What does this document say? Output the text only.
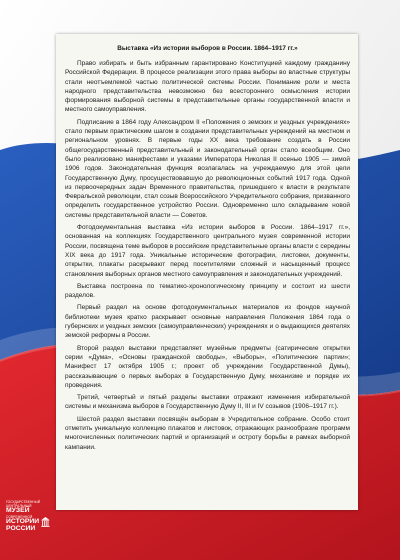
Выставка «Из истории выборов в России. 1864–1917 гг.»

Право избирать и быть избранным гарантировано Конституцией каждому гражданину Российской Федерации. В процессе реализации этого права выборы во властные структуры стали неотъемлемой частью политической системы России. Понимание роли и места народного представительства невозможно без всестороннего осмысления истории формирования выборной системы в представительные органы государственной власти и местного самоуправления.

Подписание в 1864 году Александром II «Положения о земских и уездных учреждениях» стало первым практическим шагом в создании представительных учреждений на местном и региональном уровнях. В первые годы XX века требование создать в России общегосударственный представительный и законодательный орган стало всеобщим. Оно было реализовано манифестами и указами Императора Николая II осенью 1905 — зимой 1906 годов. Законодательная функция возлагалась на учреждаемую для этой цели Государственную Думу, просуществовавшую до революционных событий 1917 года. Одной из первоочередных задач Временного правительства, пришедшего к власти в результате Февральской революции, стал созыв Всероссийского Учредительного собрания, призванного определить государственное устройство России. Одновременно шло складывание новой системы представительной власти — Советов.

Фотодокументальная выставка «Из истории выборов в России. 1864–1917 гг.», основанная на коллекциях Государственного центрального музея современной истории России, посвящена теме выборов в российские представительные органы власти с середины XIX века до 1917 года. Уникальные исторические фотографии, листовки, документы, открытки, плакаты раскрывают перед посетителями сложный и насыщенный процесс становления выборных органов местного самоуправления и законодательных учреждений.

Выставка построена по тематико-хронологическому принципу и состоит из шести разделов.

Первый раздел на основе фотодокументальных материалов из фондов научной библиотеки музея кратко раскрывает основные направления Положения 1864 года о губернских и уездных земских (самоуправленческих) учреждениях и о выдающихся деятелях земской реформы в России.

Второй раздел выставки представляет музейные предметы (сатирические открытки серии «Дума», «Основы гражданской свободы», «Выборы», «Политические партии»; Манифест 17 октября 1905 г.; проект об учреждении Государственной Думы), рассказывающие о первых выборах в Государственную Думу, механизме и порядке их проведения.

Третий, четвертый и пятый разделы выставки отражают изменения избирательной системы и механизма выборов в Государственную Думу II, III и IV созывов (1906–1917 гг.).

Шестой раздел выставки посвящён выборам в Учредительное собрание. Особо стоит отметить уникальную коллекцию плакатов и листовок, отражающих разнообразие программ многочисленных политических партий и организаций и остроту борьбы в рамках выборной кампании.

ГОСУДАРСТВЕННЫЙ
ЦЕНТРАЛЬНЫЙ
МУЗЕЙ
СОВРЕМЕННОЙ
ИСТОРИИ
РОССИИ
